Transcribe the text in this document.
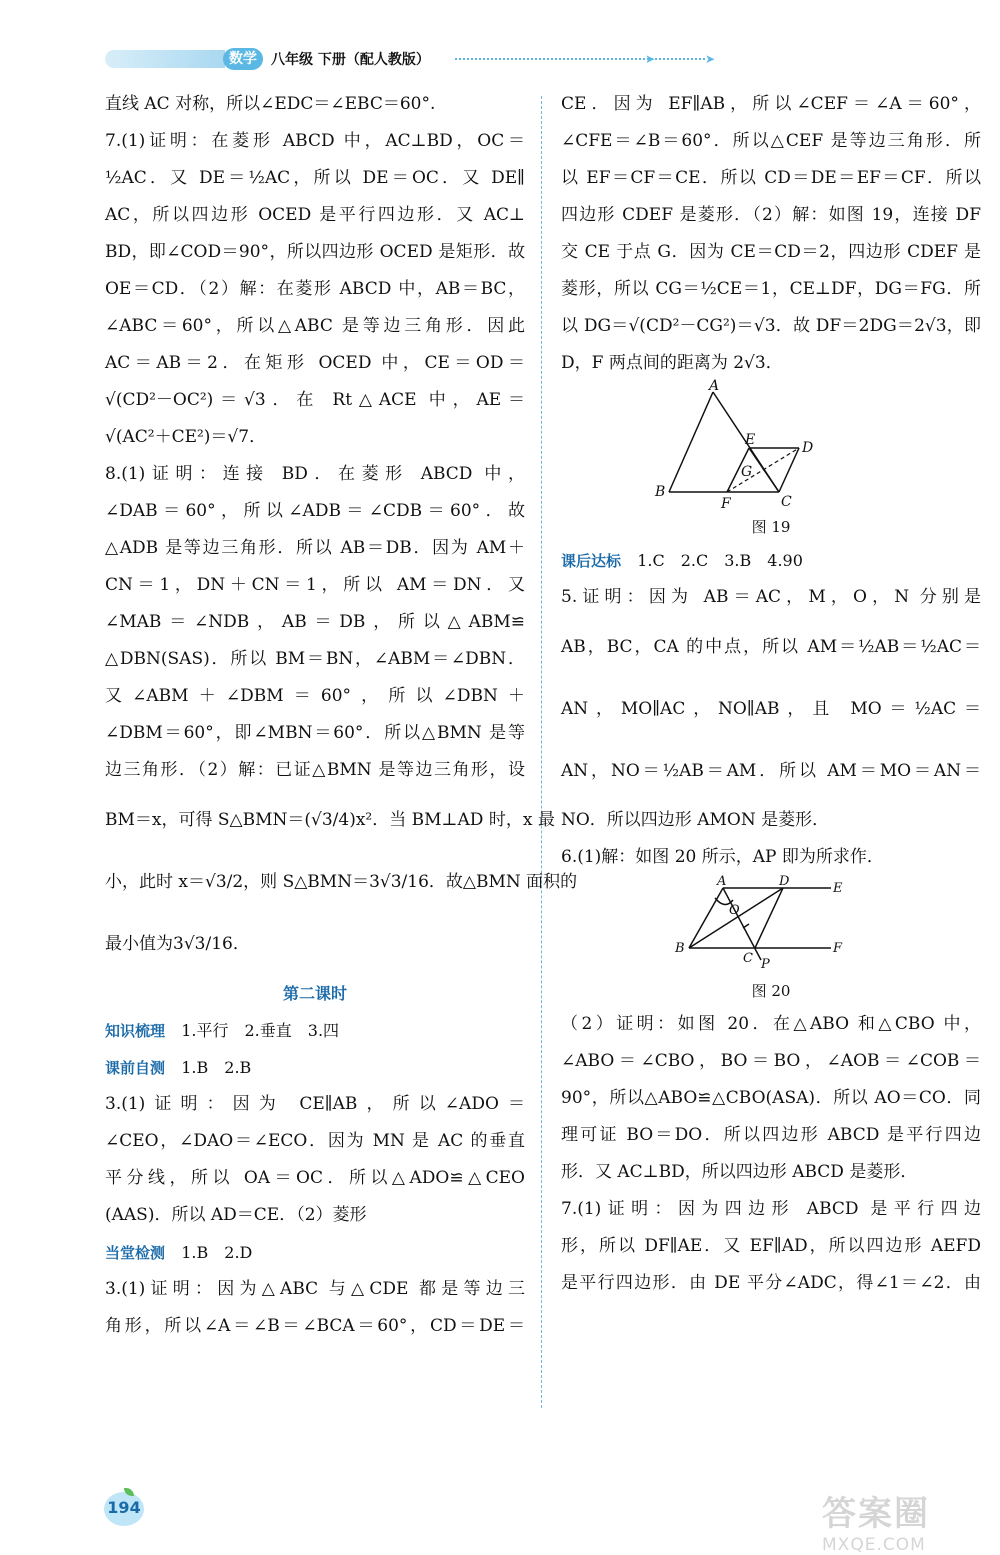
数学	八年级 下册（配人教版）	➤	➤
直线 AC 对称，所以∠EDC＝∠EBC＝60°.
7.(1)证明：在菱形 ABCD 中，AC⊥BD，OC＝
½AC．又 DE＝½AC，所以 DE＝OC．又 DE∥
AC，所以四边形 OCED 是平行四边形．又 AC⊥
BD，即∠COD＝90°，所以四边形 OCED 是矩形．故
OE＝CD．（2）解：在菱形 ABCD 中，AB＝BC，
∠ABC＝60°，所以△ABC 是等边三角形．因此
AC＝AB＝2．在矩形 OCED 中，CE＝OD＝
√(CD²－OC²)＝√3．在 Rt△ACE 中，AE＝
√(AC²＋CE²)＝√7．
8.(1)证明：连接 BD．在菱形 ABCD 中，
∠DAB＝60°，所以∠ADB＝∠CDB＝60°．故
△ADB 是等边三角形．所以 AB＝DB．因为 AM＋
CN＝1，DN＋CN＝1，所以 AM＝DN．又
∠MAB＝∠NDB，AB＝DB，所以△ABM≌
△DBN(SAS)．所以 BM＝BN，∠ABM＝∠DBN．
又∠ABM＋∠DBM＝60°，所以∠DBN＋
∠DBM＝60°，即∠MBN＝60°．所以△BMN 是等
边三角形．（2）解：已证△BMN 是等边三角形，设
BM＝x，可得 S△BMN＝(√3/4)x²．当 BM⊥AD 时，x 最
小，此时 x＝√3/2，则 S△BMN＝3√3/16．故△BMN 面积的
最小值为3√3/16．
第二课时
知识梳理 1.平行　2.垂直　3.四
课前自测 1.B　2.B
3.(1)证明：因为 CE∥AB，所以∠ADO＝
∠CEO，∠DAO＝∠ECO．因为 MN 是 AC 的垂直
平分线，所以 OA＝OC．所以△ADO≌△CEO
(AAS)．所以 AD＝CE．（2）菱形
当堂检测 1.B　2.D
3.(1)证明：因为△ABC 与△CDE 都是等边三
角形，所以∠A＝∠B＝∠BCA＝60°，CD＝DE＝
CE．因为 EF∥AB，所以∠CEF＝∠A＝60°，
∠CFE＝∠B＝60°．所以△CEF 是等边三角形．所
以 EF＝CF＝CE．所以 CD＝DE＝EF＝CF．所以
四边形 CDEF 是菱形．（2）解：如图 19，连接 DF
交 CE 于点 G．因为 CE＝CD＝2，四边形 CDEF 是
菱形，所以 CG＝½CE＝1，CE⊥DF，DG＝FG．所
以 DG＝√(CD²－CG²)＝√3．故 DF＝2DG＝2√3，即
D，F 两点间的距离为 2√3．
A
E	D
G
B
F	C
图 19
课后达标 1.C　2.C　3.B　4.90
5.证明：因为 AB＝AC，M，O，N 分别是
AB，BC，CA 的中点，所以 AM＝½AB＝½AC＝
AN，MO∥AC，NO∥AB，且 MO＝½AC＝
AN，NO＝½AB＝AM．所以 AM＝MO＝AN＝
NO．所以四边形 AMON 是菱形．
6.(1)解：如图 20 所示，AP 即为所求作．
A	D	E
O
B
C P
F
图 20
（2）证明：如图 20．在△ABO 和△CBO 中，
∠ABO＝∠CBO，BO＝BO，∠AOB＝∠COB＝
90°，所以△ABO≌△CBO(ASA)．所以 AO＝CO．同
理可证 BO＝DO．所以四边形 ABCD 是平行四边
形．又 AC⊥BD，所以四边形 ABCD 是菱形．
7.(1)证明：因为四边形 ABCD 是平行四边
形，所以 DF∥AE．又 EF∥AD，所以四边形 AEFD
是平行四边形．由 DE 平分∠ADC，得∠1＝∠2．由
194	答案圈
MXQE.COM
